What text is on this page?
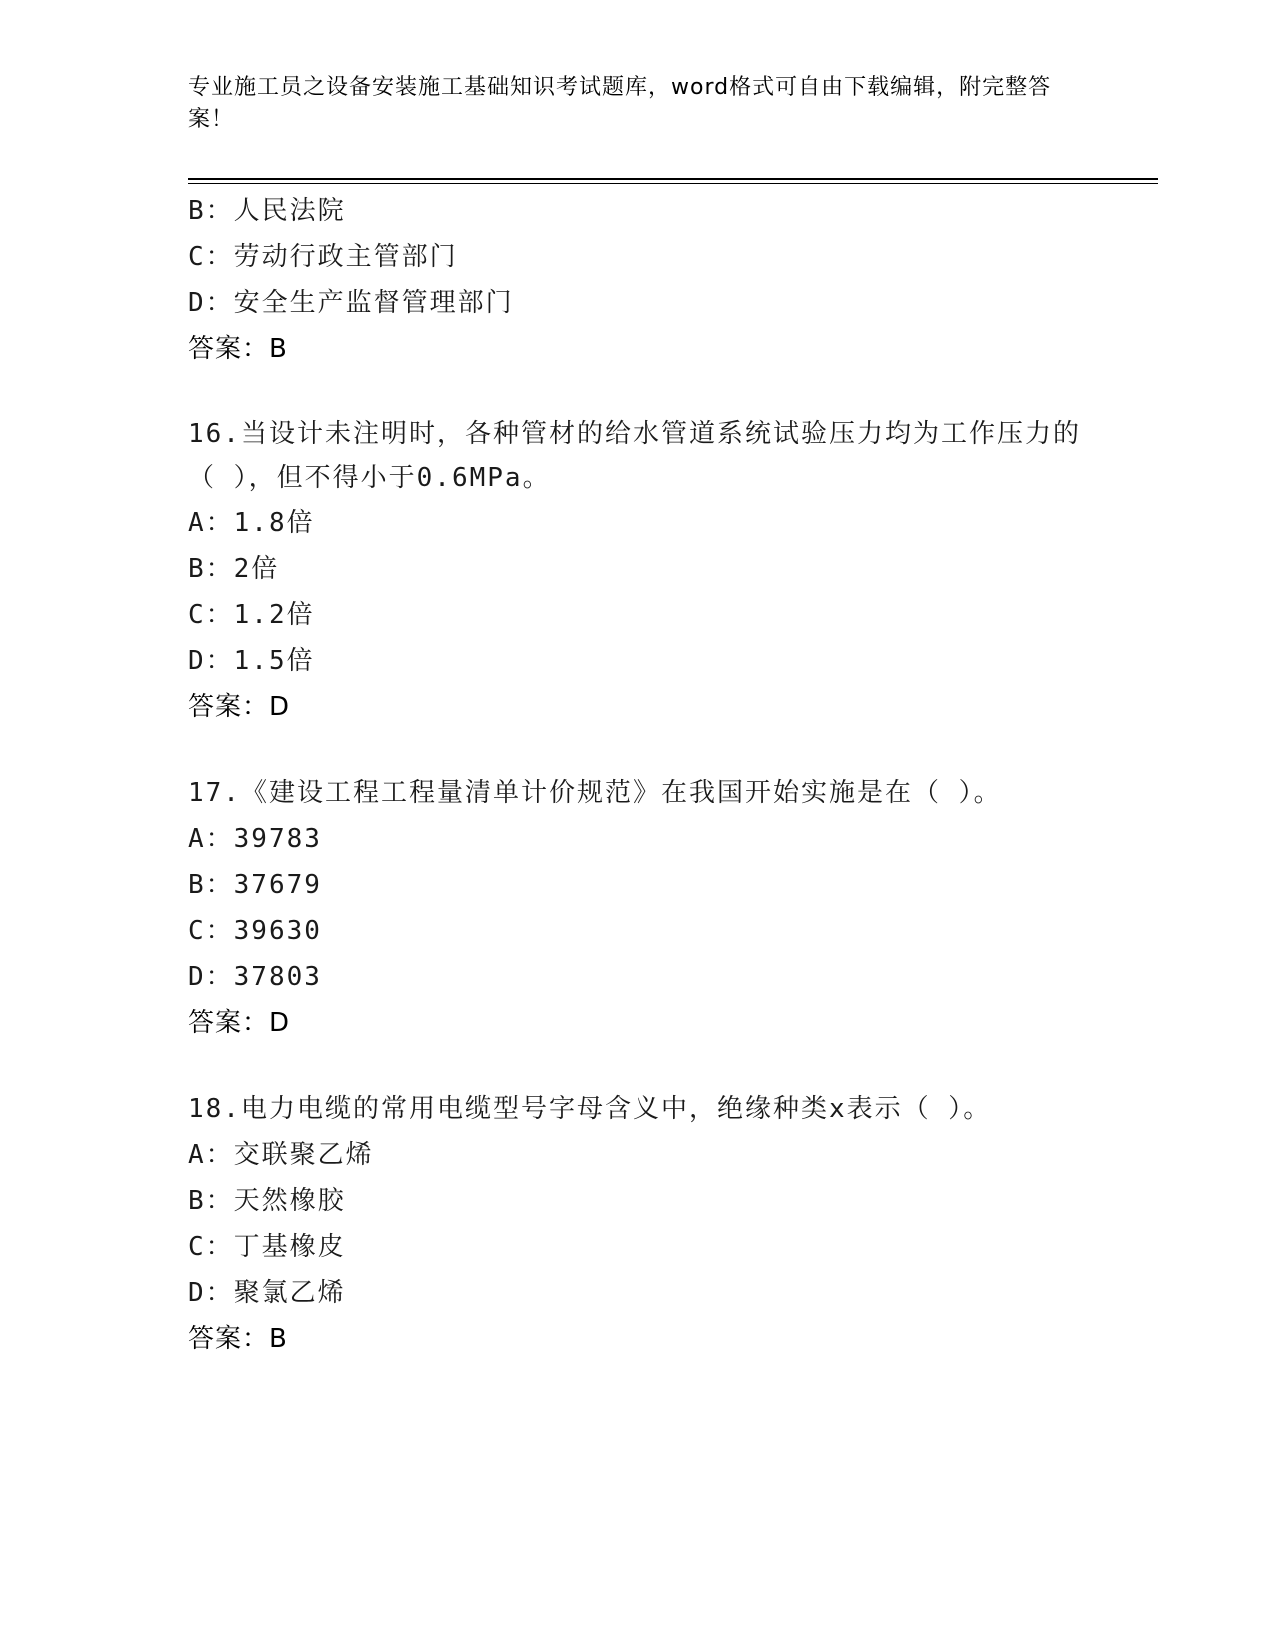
专业施工员之设备安装施工基础知识考试题库，word格式可自由下载编辑，附完整答案！
B：人民法院
C：劳动行政主管部门
D：安全生产监督管理部门
答案：B
16.当设计未注明时，各种管材的给水管道系统试验压力均为工作压力的（ ），但不得小于0.6MPa。
A：1.8倍
B：2倍
C：1.2倍
D：1.5倍
答案：D
17.《建设工程工程量清单计价规范》在我国开始实施是在（ ）。
A：39783
B：37679
C：39630
D：37803
答案：D
18.电力电缆的常用电缆型号字母含义中，绝缘种类x表示（ ）。
A：交联聚乙烯
B：天然橡胶
C：丁基橡皮
D：聚氯乙烯
答案：B
